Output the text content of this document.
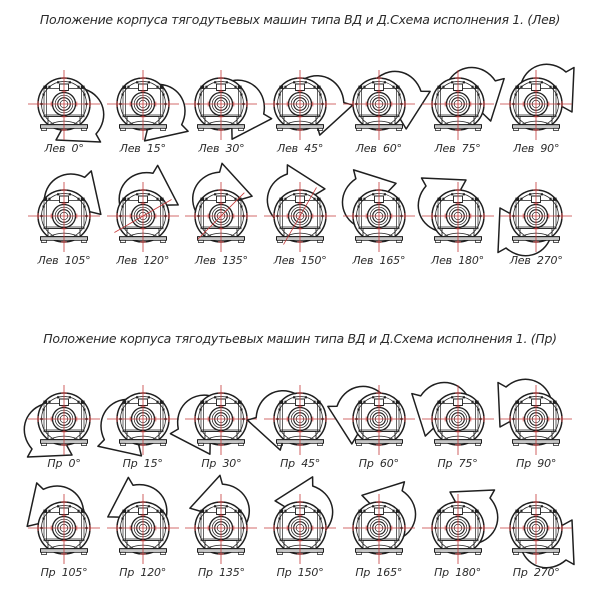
Положение корпуса тягодутьевых машин типа ВД и Д.Схема исполнения 1. (Лев)
Положение корпуса тягодутьевых машин типа ВД и Д.Схема исполнения 1. (Пр)
Лев 0°	Лев 15°	Лев 30°	Лев 45°	Лев 60°	Лев 75°	Лев 90°
Лев 105°	Лев 120°	Лев 135°	Лев 150°	Лев 165°	Лев 180°	Лев 270°
Пр 0°	Пр 15°	Пр 30°	Пр 45°	Пр 60°	Пр 75°	Пр 90°
Пр 105°	Пр 120°	Пр 135°	Пр 150°	Пр 165°	Пр 180°	Пр 270°
